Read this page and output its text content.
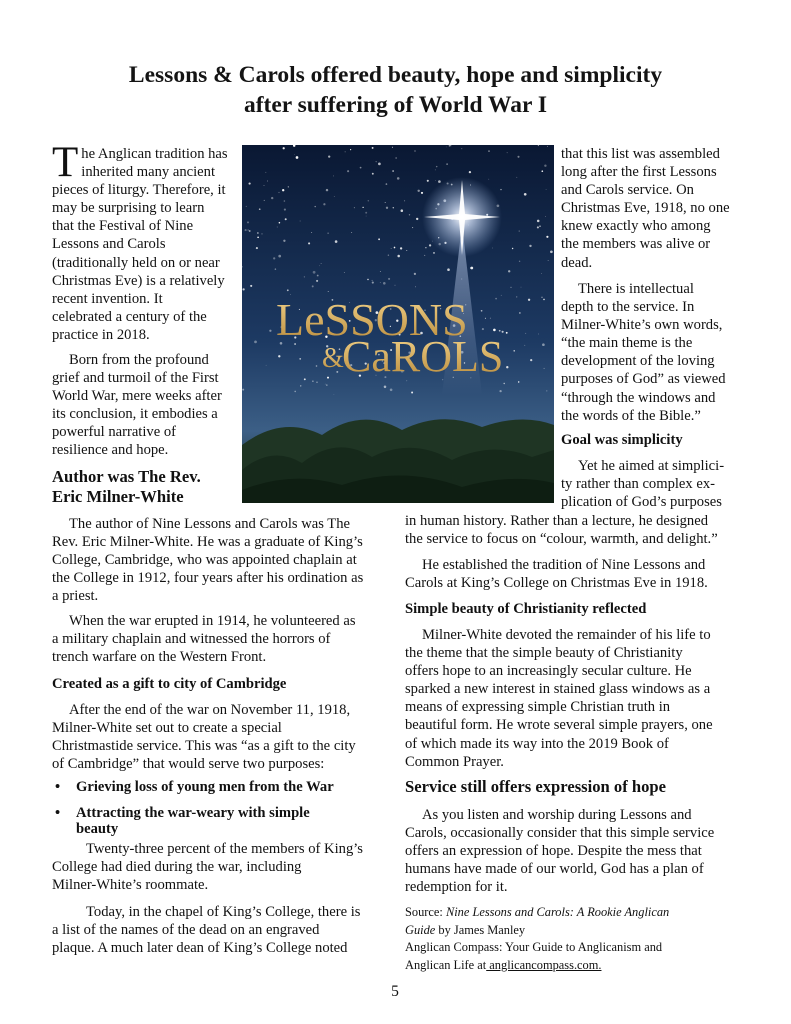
Lessons & Carols offered beauty, hope and simplicity
after suffering of World War I
LeSSONS
&
CaROLS
T he Anglican tradition has
inherited many ancient
pieces of liturgy. Therefore, it
may be surprising to learn
that the Festival of Nine
Lessons and Carols
(traditionally held on or near
Christmas Eve) is a relatively
recent invention. It
celebrated a century of the
practice in 2018.
Born from the profound
grief and turmoil of the First
World War, mere weeks after
its conclusion, it embodies a
powerful narrative of
resilience and hope.
Author was The Rev.
Eric Milner-White
The author of Nine Lessons and Carols was The
Rev. Eric Milner-White. He was a graduate of King’s
College, Cambridge, who was appointed chaplain at
the College in 1912, four years after his ordination as
a priest.
When the war erupted in 1914, he volunteered as
a military chaplain and witnessed the horrors of
trench warfare on the Western Front.
Created as a gift to city of Cambridge
After the end of the war on November 11, 1918,
Milner-White set out to create a special
Christmastide service. This was “as a gift to the city
of Cambridge” that would serve two purposes:
• Grieving loss of young men from the War
• Attracting the war-weary with simple
beauty
Twenty-three percent of the members of King’s
College had died during the war, including
Milner-White’s roommate.
Today, in the chapel of King’s College, there is
a list of the names of the dead on an engraved
plaque. A much later dean of King’s College noted
that this list was assembled
long after the first Lessons
and Carols service. On
Christmas Eve, 1918, no one
knew exactly who among
the members was alive or
dead.
There is intellectual
depth to the service. In
Milner-White’s own words,
“the main theme is the
development of the loving
purposes of God” as viewed
“through the windows and
the words of the Bible.”
Goal was simplicity
Yet he aimed at simplici-
ty rather than complex ex-
plication of God’s purposes
in human history. Rather than a lecture, he designed
the service to focus on “colour, warmth, and delight.”
He established the tradition of Nine Lessons and
Carols at King’s College on Christmas Eve in 1918.
Simple beauty of Christianity reflected
Milner-White devoted the remainder of his life to
the theme that the simple beauty of Christianity
offers hope to an increasingly secular culture. He
sparked a new interest in stained glass windows as a
means of expressing simple Christian truth in
beautiful form. He wrote several simple prayers, one
of which made its way into the 2019 Book of
Common Prayer.
Service still offers expression of hope
As you listen and worship during Lessons and
Carols, occasionally consider that this simple service
offers an expression of hope. Despite the mess that
humans have made of our world, God has a plan of
redemption for it.
Source: Nine Lessons and Carols: A Rookie Anglican
Guide by James Manley
Anglican Compass: Your Guide to Anglicanism and
Anglican Life at anglicancompass.com.
5
